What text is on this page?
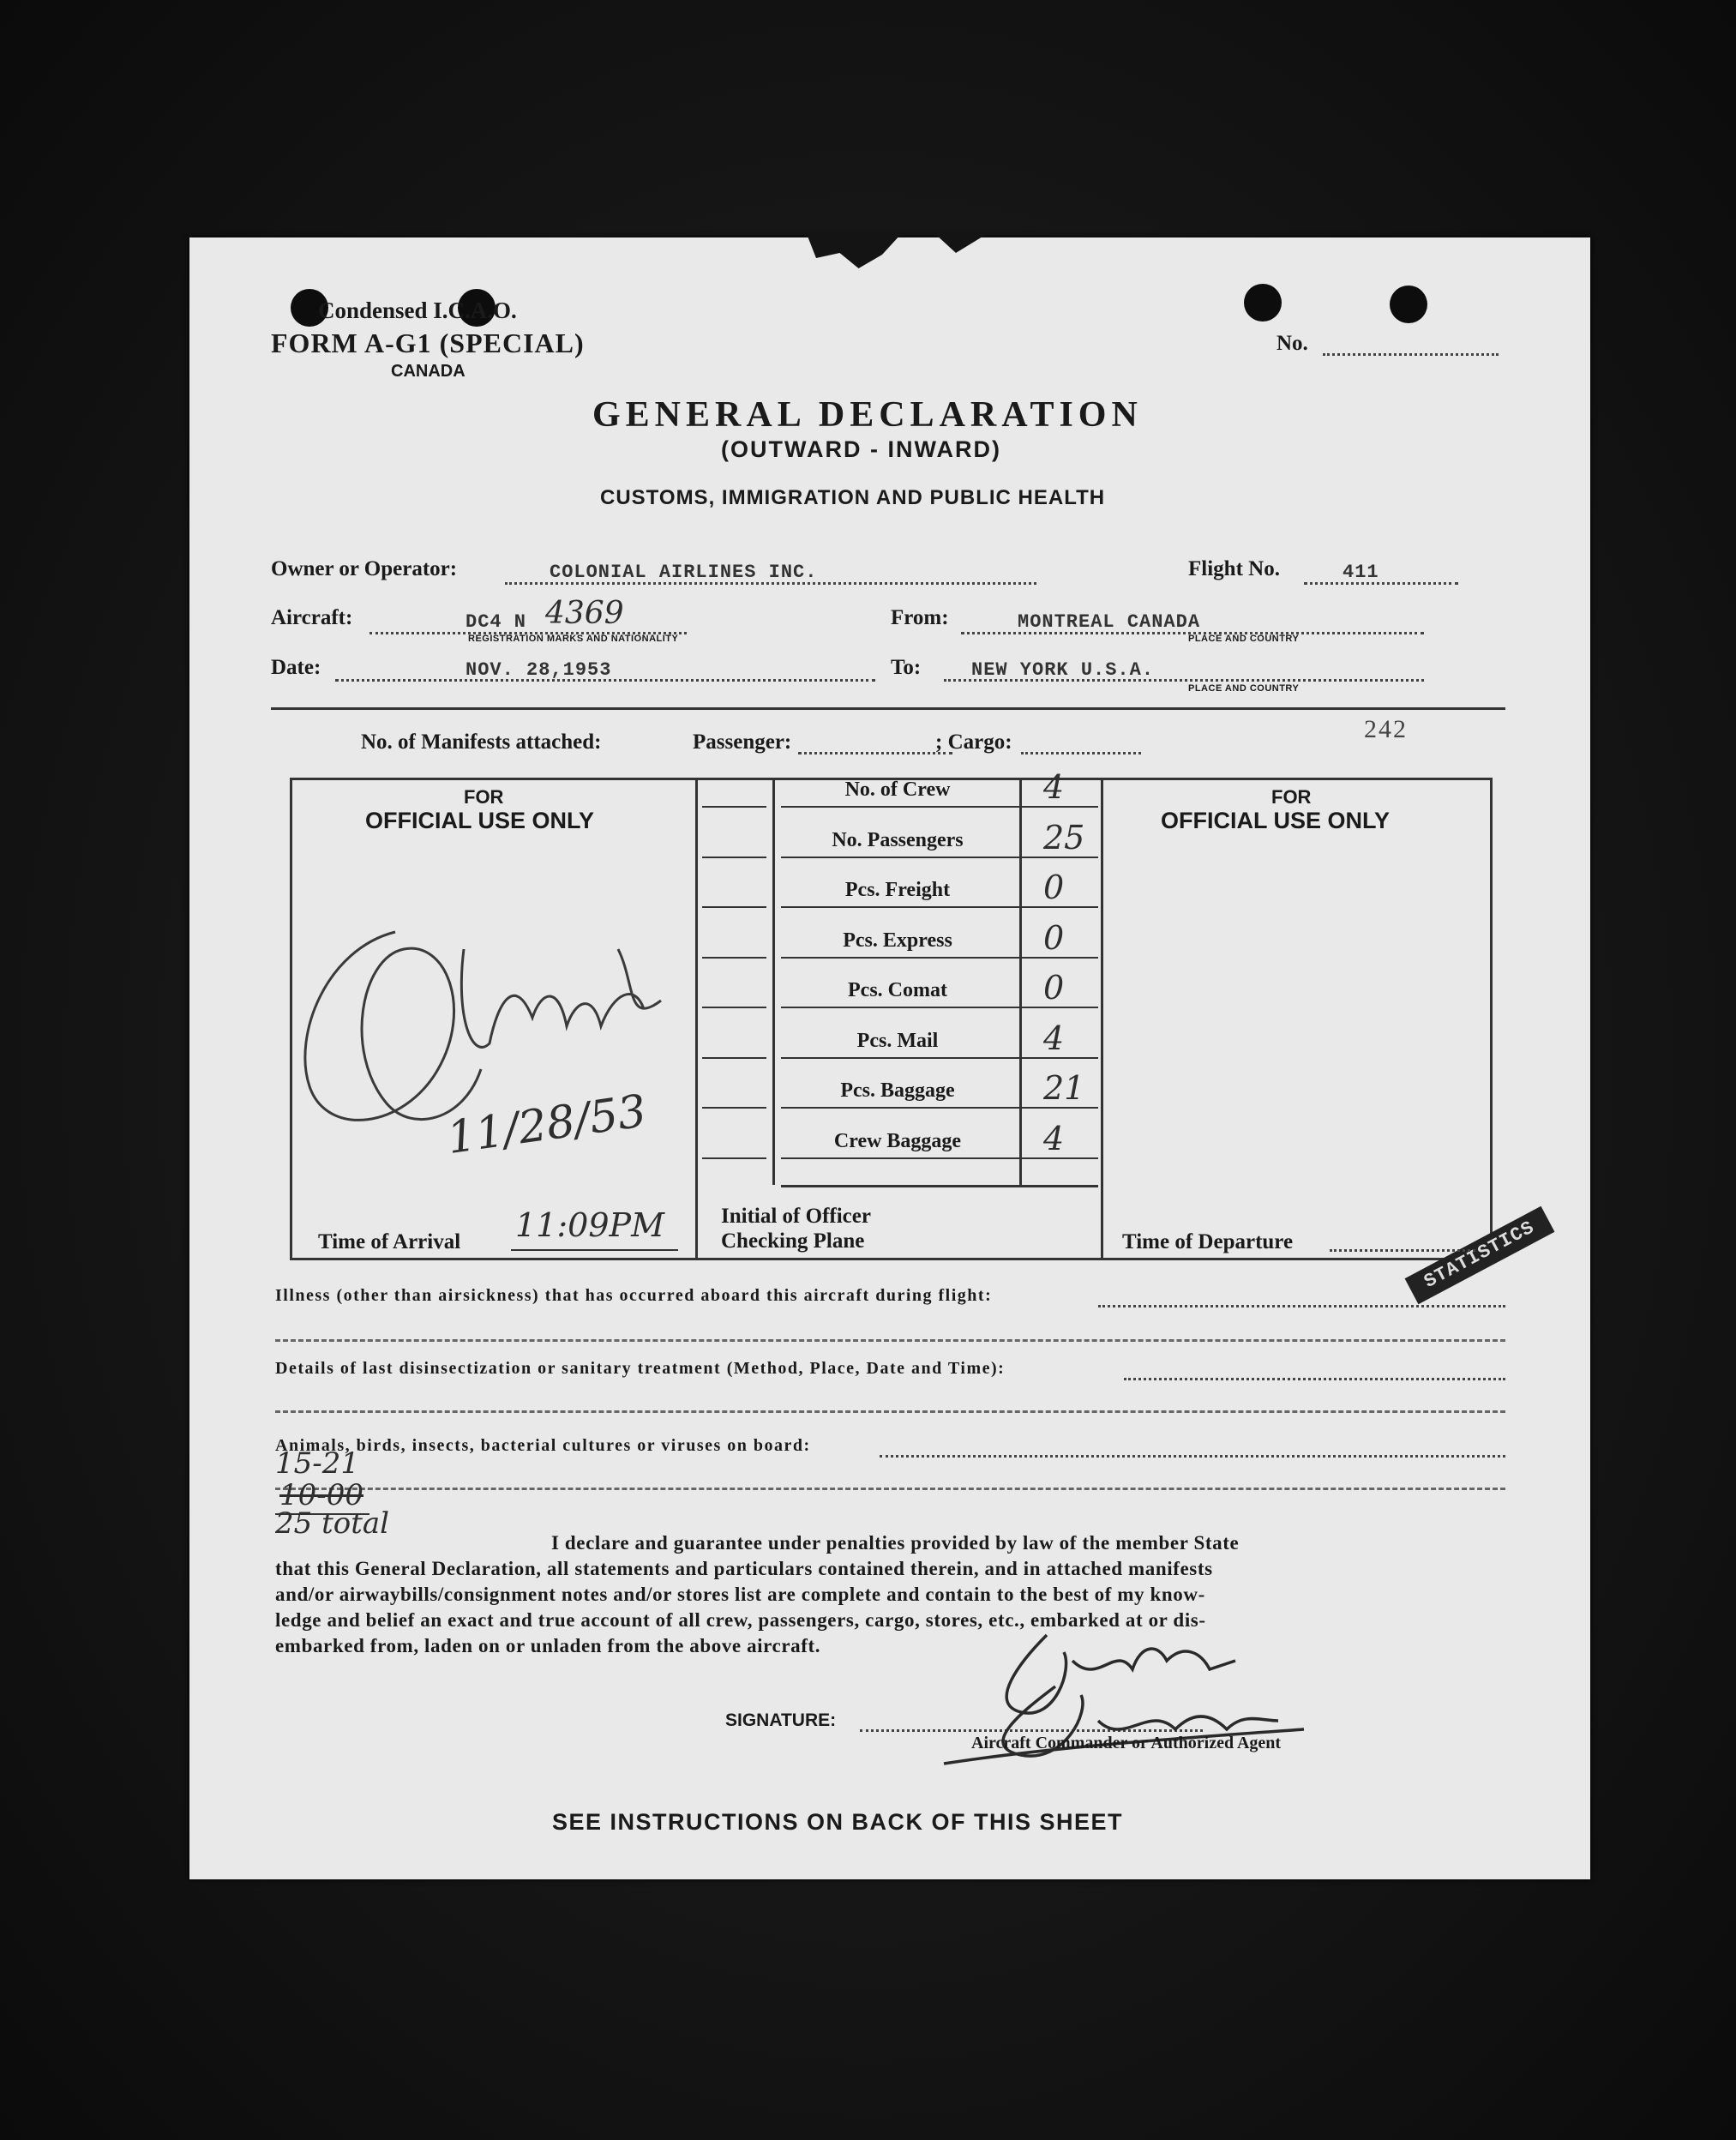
Condensed I.C.A.O.
FORM A-G1 (SPECIAL)
CANADA
No.
GENERAL DECLARATION
(OUTWARD - INWARD)
CUSTOMS, IMMIGRATION AND PUBLIC HEALTH
Owner or Operator:	COLONIAL AIRLINES INC.	Flight No.	411
Aircraft:	DC4 N 4369
REGISTRATION MARKS AND NATIONALITY
From:	MONTREAL CANADA
PLACE AND COUNTRY
Date:	NOV. 28,1953	To:	NEW YORK U.S.A.
PLACE AND COUNTRY
No. of Manifests attached:	Passenger:	; Cargo:	242
FOR
OFFICIAL USE ONLY
11/28/53
Time of Arrival 11:09PM	Initial of Officer
Checking Plane
No. of Crew	4
No. Passengers	25
Pcs. Freight	0
Pcs. Express	0
Pcs. Comat	0
Pcs. Mail	4
Pcs. Baggage	21
Crew Baggage	4
FOR
OFFICIAL USE ONLY
STATISTICS
Time of Departure
Illness (other than airsickness) that has occurred aboard this aircraft during flight:
Details of last disinsectization or sanitary treatment (Method, Place, Date and Time):
Animals, birds, insects, bacterial cultures or viruses on board:
15-21
10-00
25 total
I declare and guarantee under penalties provided by law of the member State
that this General Declaration, all statements and particulars contained therein, and in attached manifests
and/or airwaybills/consignment notes and/or stores list are complete and contain to the best of my know-
ledge and belief an exact and true account of all crew, passengers, cargo, stores, etc., embarked at or dis-
embarked from, laden on or unladen from the above aircraft.
SIGNATURE:
Aircraft Commander or Authorized Agent
SEE INSTRUCTIONS ON BACK OF THIS SHEET
